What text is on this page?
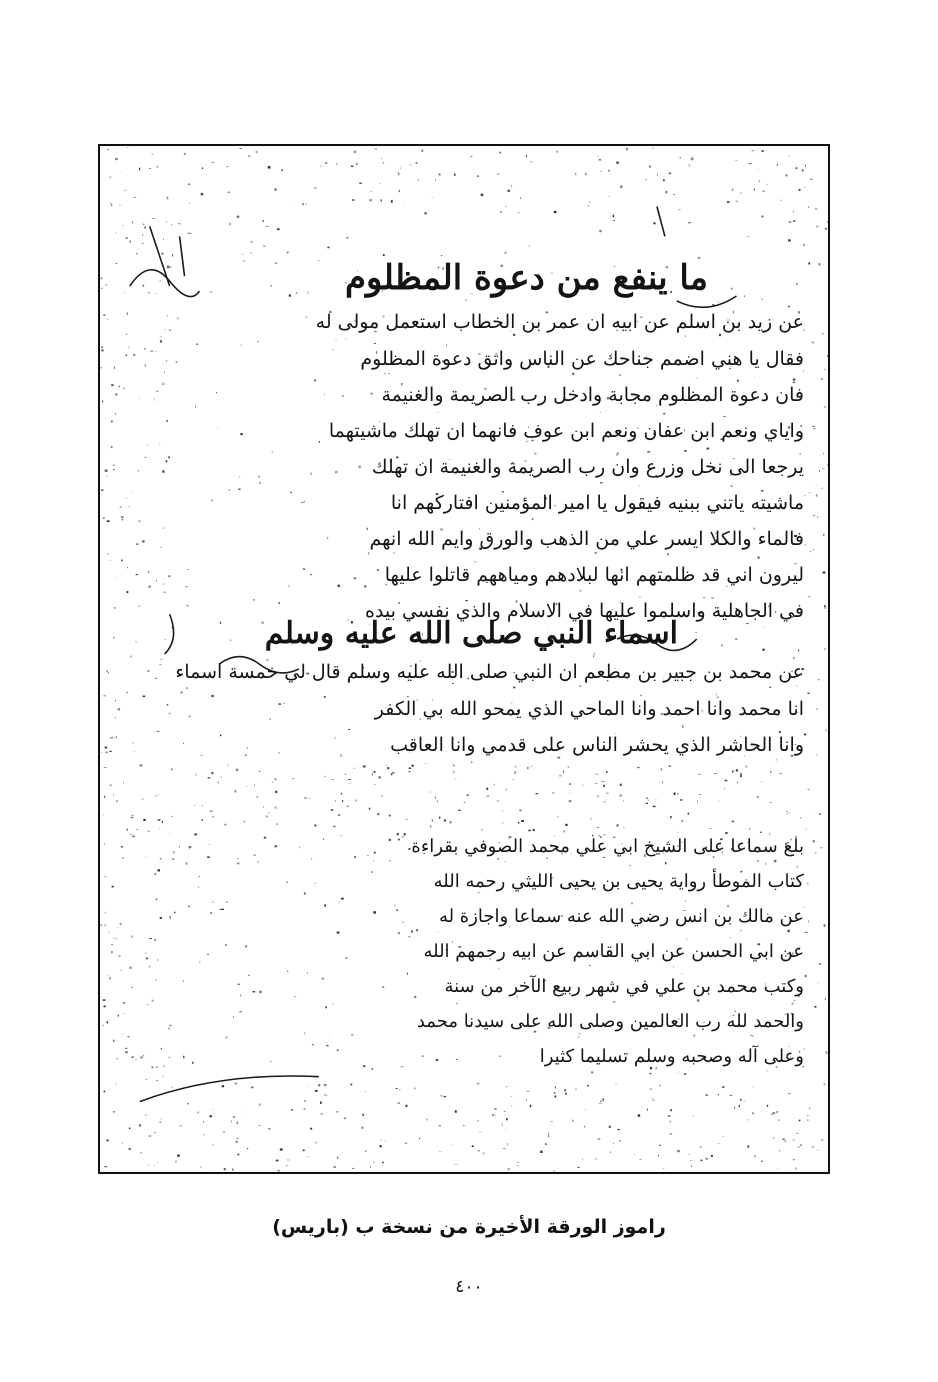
ما ينفع من دعوة المظلوم
عن زيد بن اسلم عن ابيه ان عمر بن الخطاب استعمل مولى له
فقال يا هني اضمم جناحك عن الناس واتق دعوة المظلوم
فان دعوة المظلوم مجابة وادخل رب الصريمة والغنيمة
واياي ونعم ابن عفان ونعم ابن عوف فانهما ان تهلك ماشيتهما
يرجعا الى نخل وزرع وان رب الصريمة والغنيمة ان تهلك
ماشيته ياتني ببنيه فيقول يا امير المؤمنين افتاركهم انا
فالماء والكلا ايسر علي من الذهب والورق وايم الله انهم
ليرون اني قد ظلمتهم انها لبلادهم ومياههم قاتلوا عليها
في الجاهلية واسلموا عليها في الاسلام والذي نفسي بيده
اسماء النبي صلى الله عليه وسلم
عن محمد بن جبير بن مطعم ان النبي صلى الله عليه وسلم قال لي خمسة اسماء
انا محمد وانا احمد وانا الماحي الذي يمحو الله بي الكفر
وانا الحاشر الذي يحشر الناس على قدمي وانا العاقب
بلغ سماعا على الشيخ ابي علي محمد الصوفي بقراءة
كتاب الموطأ رواية يحيى بن يحيى الليثي رحمه الله
عن مالك بن انس رضي الله عنه سماعا واجازة له
عن ابي الحسن عن ابي القاسم عن ابيه رحمهم الله
وكتب محمد بن علي في شهر ربيع الآخر من سنة
والحمد لله رب العالمين وصلى الله على سيدنا محمد
وعلى آله وصحبه وسلم تسليما كثيرا
راموز الورقة الأخيرة من نسخة ب (باريس)
٤٠٠
